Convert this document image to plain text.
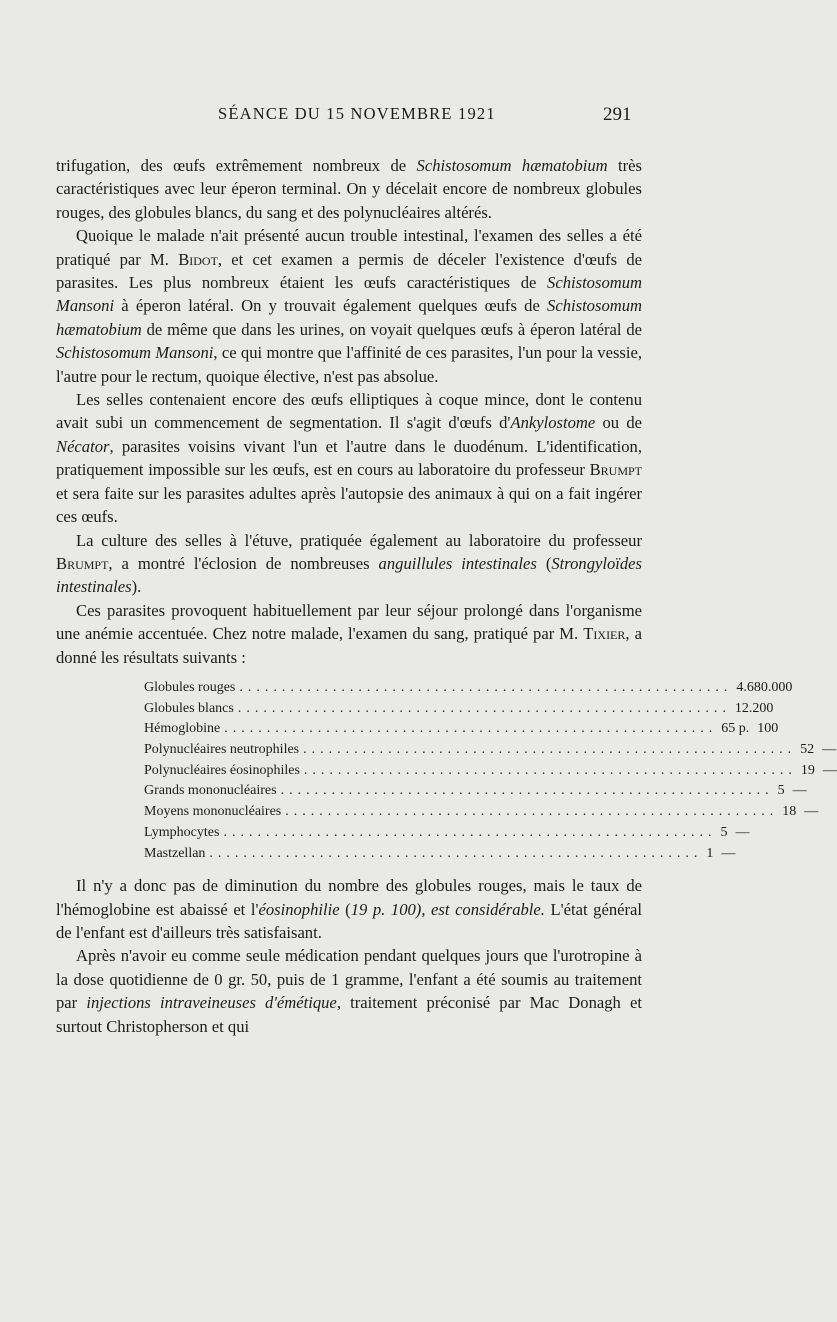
SÉANCE DU 15 NOVEMBRE 1921	291

trifugation, des œufs extrêmement nombreux de Schistosomum hæmatobium très caractéristiques avec leur éperon terminal. On y décelait encore de nombreux globules rouges, des globules blancs, du sang et des polynucléaires altérés.

Quoique le malade n'ait présenté aucun trouble intestinal, l'examen des selles a été pratiqué par M. Bidot, et cet examen a permis de déceler l'existence d'œufs de parasites. Les plus nombreux étaient les œufs caractéristiques de Schistosomum Mansoni à éperon latéral. On y trouvait également quelques œufs de Schistosomum hæmatobium de même que dans les urines, on voyait quelques œufs à éperon latéral de Schistosomum Mansoni, ce qui montre que l'affinité de ces parasites, l'un pour la vessie, l'autre pour le rectum, quoique élective, n'est pas absolue.

Les selles contenaient encore des œufs elliptiques à coque mince, dont le contenu avait subi un commencement de segmentation. Il s'agit d'œufs d'Ankylostome ou de Nécator, parasites voisins vivant l'un et l'autre dans le duodénum. L'identification, pratiquement impossible sur les œufs, est en cours au laboratoire du professeur Brumpt et sera faite sur les parasites adultes après l'autopsie des animaux à qui on a fait ingérer ces œufs.

La culture des selles à l'étuve, pratiquée également au laboratoire du professeur Brumpt, a montré l'éclosion de nombreuses anguillules intestinales (Strongyloïdes intestinales).

Ces parasites provoquent habituellement par leur séjour prolongé dans l'organisme une anémie accentuée. Chez notre malade, l'examen du sang, pratiqué par M. Tixier, a donné les résultats suivants :

Globules rouges .......................................................... 4.680.000
Globules blancs .......................................................... 12.200
Hémoglobine .......................................................... 65 p. 100
Polynucléaires neutrophiles .......................................................... 52 —
Polynucléaires éosinophiles .......................................................... 19 —
Grands mononucléaires .......................................................... 5 —
Moyens mononucléaires .......................................................... 18 —
Lymphocytes .......................................................... 5 —
Mastzellan .......................................................... 1 —

Il n'y a donc pas de diminution du nombre des globules rouges, mais le taux de l'hémoglobine est abaissé et l'éosinophilie (19 p. 100), est considérable. L'état général de l'enfant est d'ailleurs très satisfaisant.

Après n'avoir eu comme seule médication pendant quelques jours que l'urotropine à la dose quotidienne de 0 gr. 50, puis de 1 gramme, l'enfant a été soumis au traitement par injections intraveineuses d'émétique, traitement préconisé par Mac Donagh et surtout Christopherson et qui
